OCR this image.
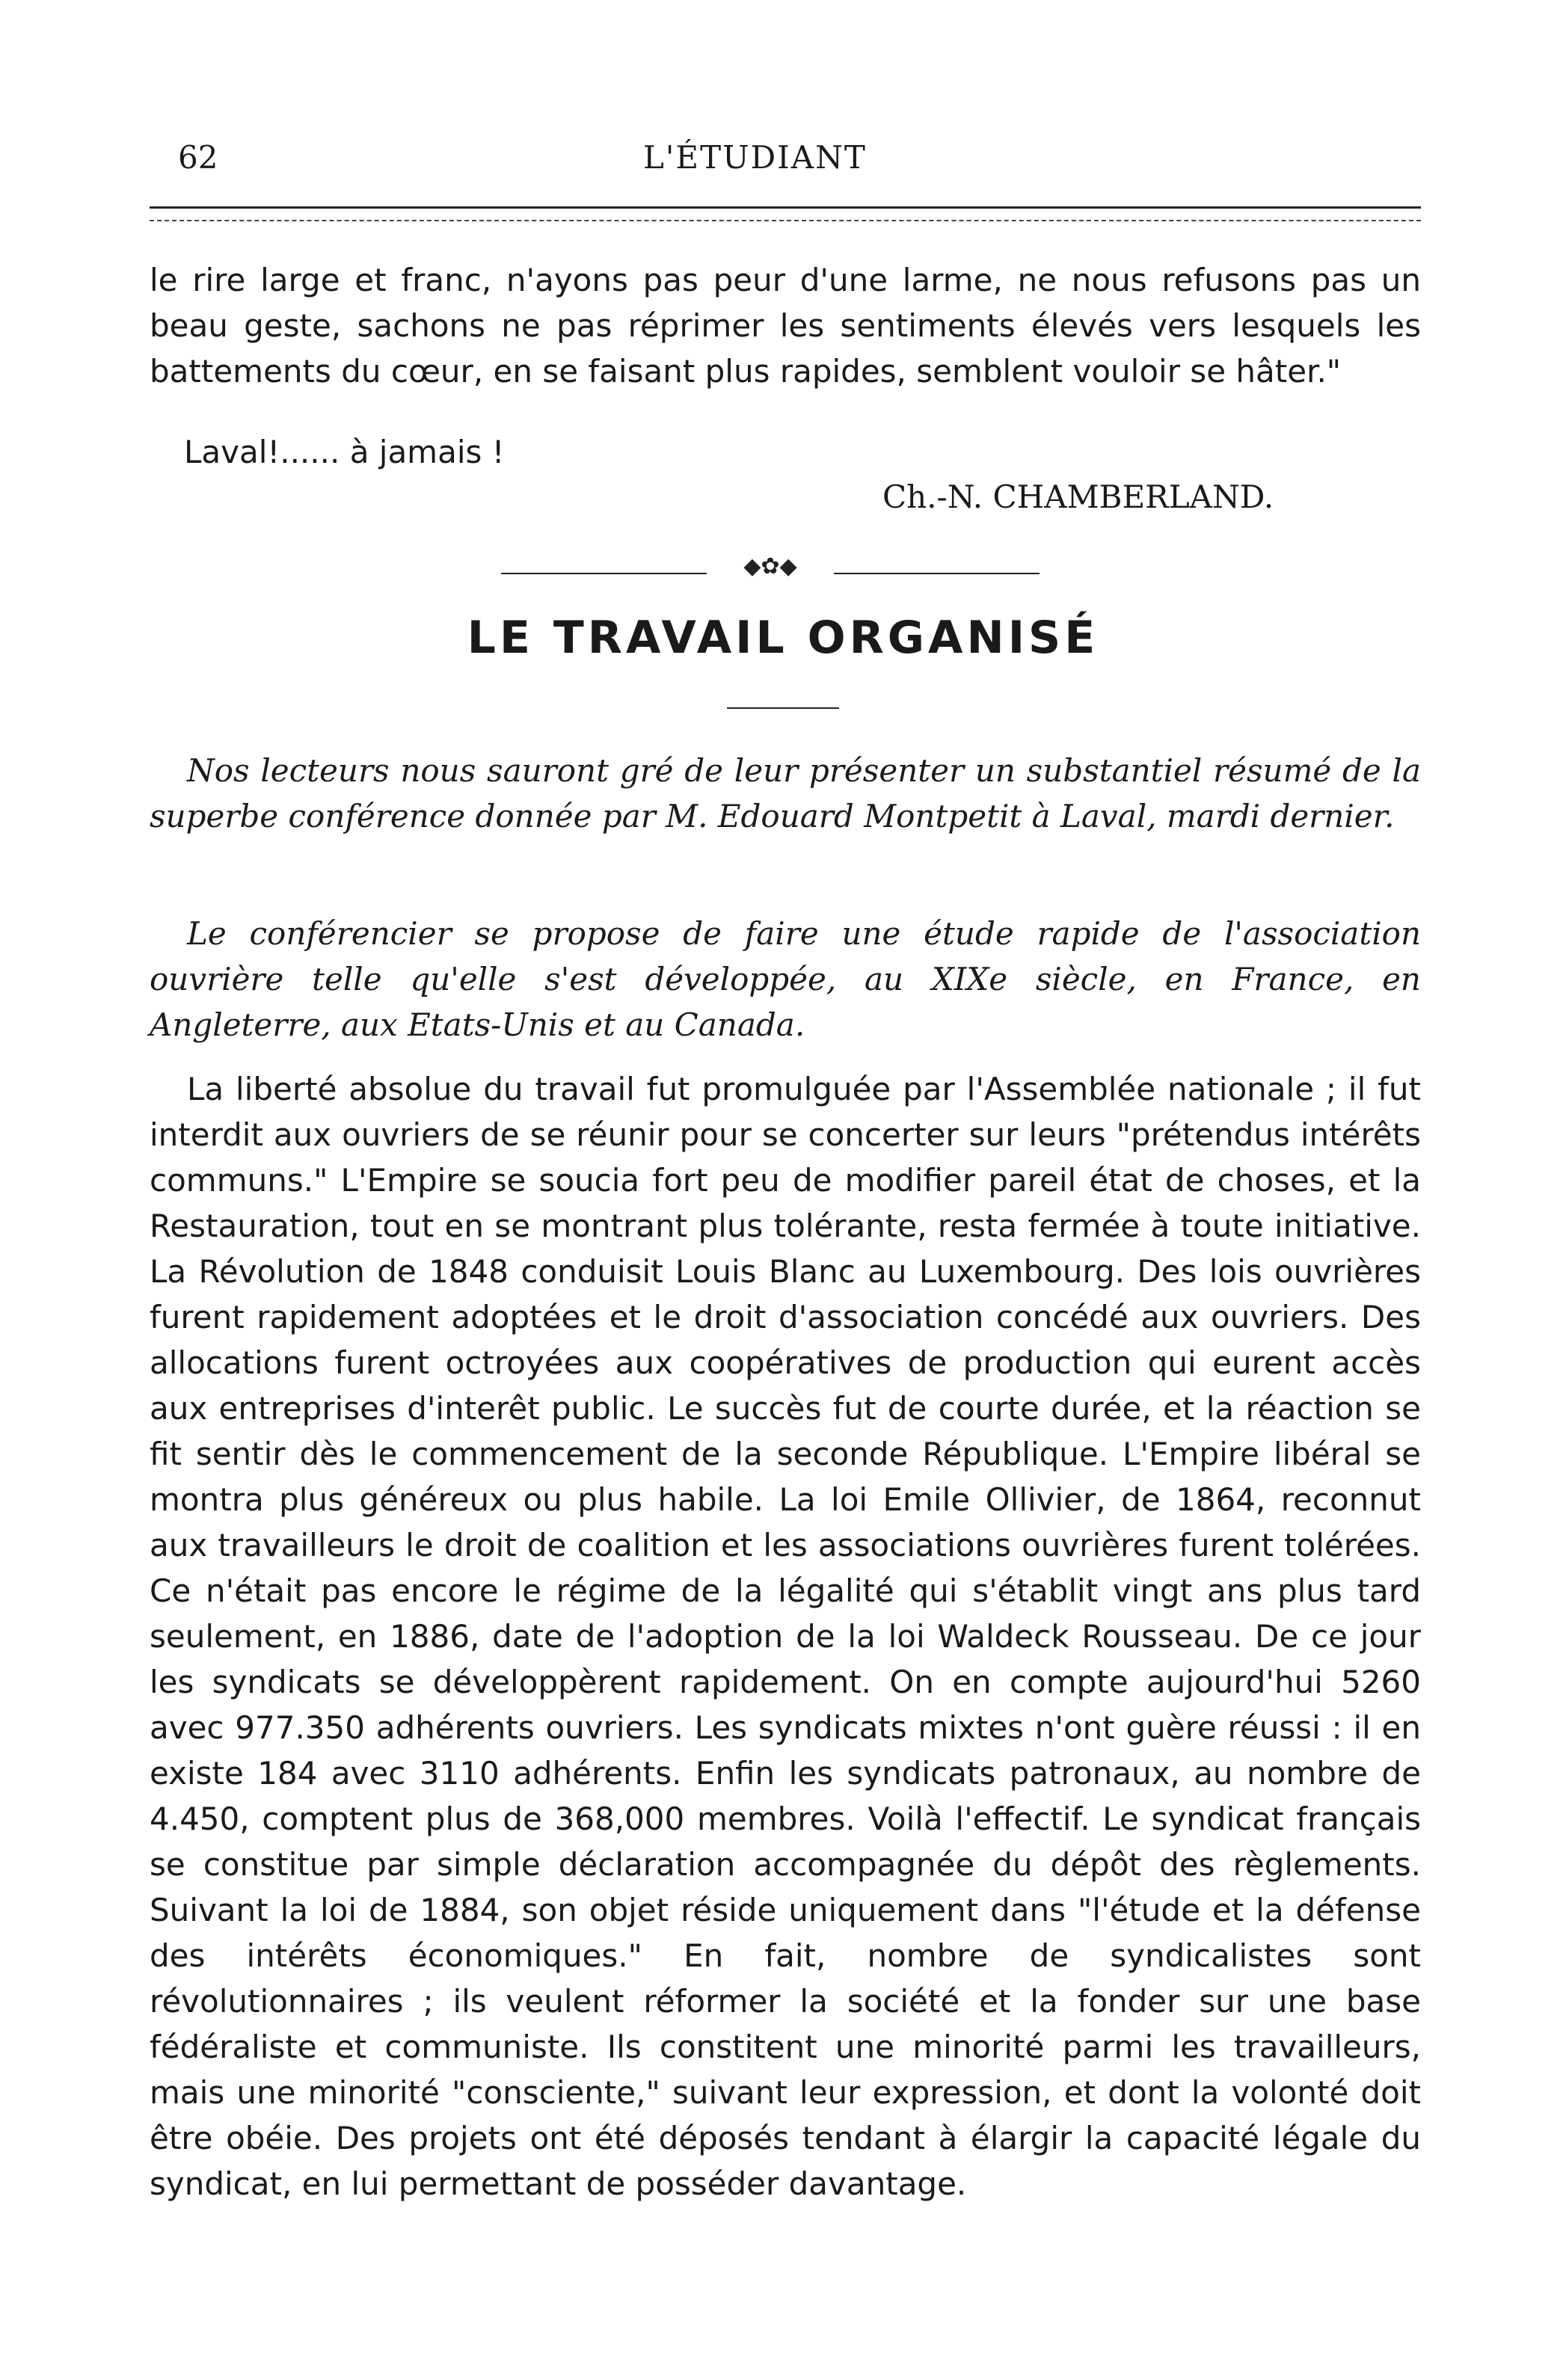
62	L'ÉTUDIANT

le rire large et franc, n'ayons pas peur d'une larme, ne nous refusons pas un beau geste, sachons ne pas réprimer les sentiments élevés vers lesquels les battements du cœur, en se faisant plus rapides, semblent vouloir se hâter."

Laval!...... à jamais !
Ch.-N. CHAMBERLAND.
◆✿◆
LE TRAVAIL ORGANISÉ

Nos lecteurs nous sauront gré de leur présenter un substantiel résumé de la superbe conférence donnée par M. Edouard Montpetit à Laval, mardi dernier.

Le conférencier se propose de faire une étude rapide de l'association ouvrière telle qu'elle s'est développée, au XIXe siècle, en France, en Angleterre, aux Etats-Unis et au Canada.

La liberté absolue du travail fut promulguée par l'Assemblée nationale ; il fut interdit aux ouvriers de se réunir pour se concerter sur leurs "prétendus intérêts communs." L'Empire se soucia fort peu de modifier pareil état de choses, et la Restauration, tout en se montrant plus tolérante, resta fermée à toute initiative. La Révolution de 1848 conduisit Louis Blanc au Luxembourg. Des lois ouvrières furent rapidement adoptées et le droit d'association concédé aux ouvriers. Des allocations furent octroyées aux coopératives de production qui eurent accès aux entreprises d'interêt public. Le succès fut de courte durée, et la réaction se fit sentir dès le commencement de la seconde République. L'Empire libéral se montra plus généreux ou plus habile. La loi Emile Ollivier, de 1864, reconnut aux travailleurs le droit de coalition et les associations ouvrières furent tolérées. Ce n'était pas encore le régime de la légalité qui s'établit vingt ans plus tard seulement, en 1886, date de l'adoption de la loi Waldeck Rousseau. De ce jour les syndicats se développèrent rapidement. On en compte aujourd'hui 5260 avec 977.350 adhérents ouvriers. Les syndicats mixtes n'ont guère réussi : il en existe 184 avec 3110 adhérents. Enfin les syndicats patronaux, au nombre de 4.450, comptent plus de 368,000 membres. Voilà l'effectif. Le syndicat français se constitue par simple déclaration accompagnée du dépôt des règlements. Suivant la loi de 1884, son objet réside uniquement dans "l'étude et la défense des intérêts économiques." En fait, nombre de syndicalistes sont révolutionnaires ; ils veulent réformer la société et la fonder sur une base fédéraliste et communiste. Ils constitent une minorité parmi les travailleurs, mais une minorité "consciente," suivant leur expression, et dont la volonté doit être obéie. Des projets ont été déposés tendant à élargir la capacité légale du syndicat, en lui permettant de posséder davantage.
